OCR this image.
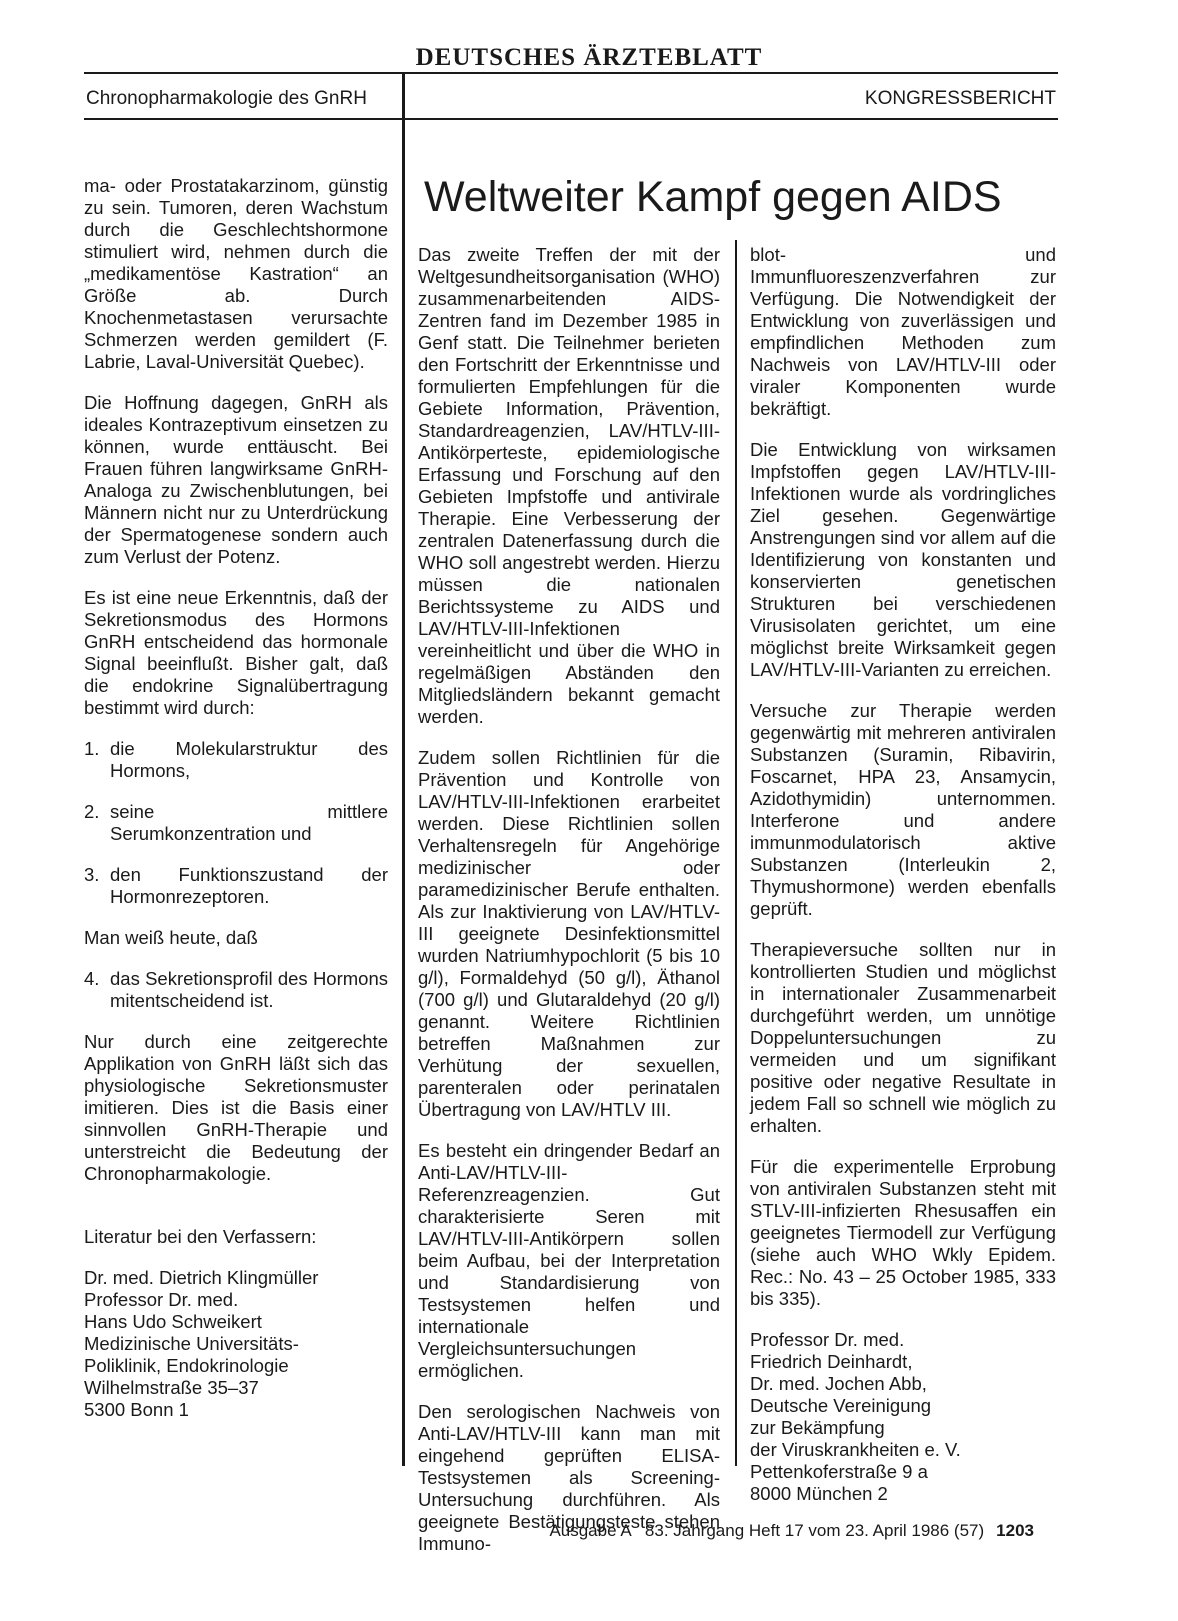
DEUTSCHES ÄRZTEBLATT
Chronopharmakologie des GnRH	KONGRESSBERICHT

ma- oder Prostatakarzinom, günstig zu sein. Tumoren, deren Wachstum durch die Geschlechtshormone stimuliert wird, nehmen durch die „medikamentöse Kastration“ an Größe ab. Durch Knochenmetastasen verursachte Schmerzen werden gemildert (F. Labrie, Laval-Universität Quebec).

Die Hoffnung dagegen, GnRH als ideales Kontrazeptivum einsetzen zu können, wurde enttäuscht. Bei Frauen führen langwirksame GnRH-Analoga zu Zwischenblutungen, bei Männern nicht nur zu Unterdrückung der Spermatogenese sondern auch zum Verlust der Potenz.

Es ist eine neue Erkenntnis, daß der Sekretionsmodus des Hormons GnRH entscheidend das hormonale Signal beeinflußt. Bisher galt, daß die endokrine Signalübertragung bestimmt wird durch:

1. die Molekularstruktur des Hormons,
2. seine mittlere Serumkonzentration und
3. den Funktionszustand der Hormonrezeptoren.

Man weiß heute, daß

4. das Sekretionsprofil des Hormons mitentscheidend ist.

Nur durch eine zeitgerechte Applikation von GnRH läßt sich das physiologische Sekretionsmuster imitieren. Dies ist die Basis einer sinnvollen GnRH-Therapie und unterstreicht die Bedeutung der Chronopharmakologie.

Literatur bei den Verfassern:

Dr. med. Dietrich Klingmüller
Professor Dr. med.
Hans Udo Schweikert
Medizinische Universitäts-
Poliklinik, Endokrinologie
Wilhelmstraße 35–37
5300 Bonn 1
Weltweiter Kampf gegen AIDS

Das zweite Treffen der mit der Weltgesundheitsorganisation (WHO) zusammenarbeitenden AIDS-Zentren fand im Dezember 1985 in Genf statt. Die Teilnehmer berieten den Fortschritt der Erkenntnisse und formulierten Empfehlungen für die Gebiete Information, Prävention, Standardreagenzien, LAV/HTLV-III-Antikörperteste, epidemiologische Erfassung und Forschung auf den Gebieten Impfstoffe und antivirale Therapie. Eine Verbesserung der zentralen Datenerfassung durch die WHO soll angestrebt werden. Hierzu müssen die nationalen Berichtssysteme zu AIDS und LAV/HTLV-III-Infektionen vereinheitlicht und über die WHO in regelmäßigen Abständen den Mitgliedsländern bekannt gemacht werden.

Zudem sollen Richtlinien für die Prävention und Kontrolle von LAV/HTLV-III-Infektionen erarbeitet werden. Diese Richtlinien sollen Verhaltensregeln für Angehörige medizinischer oder paramedizinischer Berufe enthalten. Als zur Inaktivierung von LAV/HTLV-III geeignete Desinfektionsmittel wurden Natriumhypochlorit (5 bis 10 g/l), Formaldehyd (50 g/l), Äthanol (700 g/l) und Glutaraldehyd (20 g/l) genannt. Weitere Richtlinien betreffen Maßnahmen zur Verhütung der sexuellen, parenteralen oder perinatalen Übertragung von LAV/HTLV III.

Es besteht ein dringender Bedarf an Anti-LAV/HTLV-III-Referenzreagenzien. Gut charakterisierte Seren mit LAV/HTLV-III-Antikörpern sollen beim Aufbau, bei der Interpretation und Standardisierung von Testsystemen helfen und internationale Vergleichsuntersuchungen ermöglichen.

Den serologischen Nachweis von Anti-LAV/HTLV-III kann man mit eingehend geprüften ELISA-Testsystemen als Screening-Untersuchung durchführen. Als geeignete Bestätigungsteste stehen Immuno-

blot- und Immunfluoreszenzverfahren zur Verfügung. Die Notwendigkeit der Entwicklung von zuverlässigen und empfindlichen Methoden zum Nachweis von LAV/HTLV-III oder viraler Komponenten wurde bekräftigt.

Die Entwicklung von wirksamen Impfstoffen gegen LAV/HTLV-III-Infektionen wurde als vordringliches Ziel gesehen. Gegenwärtige Anstrengungen sind vor allem auf die Identifizierung von konstanten und konservierten genetischen Strukturen bei verschiedenen Virusisolaten gerichtet, um eine möglichst breite Wirksamkeit gegen LAV/HTLV-III-Varianten zu erreichen.

Versuche zur Therapie werden gegenwärtig mit mehreren antiviralen Substanzen (Suramin, Ribavirin, Foscarnet, HPA 23, Ansamycin, Azidothymidin) unternommen. Interferone und andere immunmodulatorisch aktive Substanzen (Interleukin 2, Thymushormone) werden ebenfalls geprüft.

Therapieversuche sollten nur in kontrollierten Studien und möglichst in internationaler Zusammenarbeit durchgeführt werden, um unnötige Doppeluntersuchungen zu vermeiden und um signifikant positive oder negative Resultate in jedem Fall so schnell wie möglich zu erhalten.

Für die experimentelle Erprobung von antiviralen Substanzen steht mit STLV-III-infizierten Rhesusaffen ein geeignetes Tiermodell zur Verfügung (siehe auch WHO Wkly Epidem. Rec.: No. 43 – 25 October 1985, 333 bis 335).

Professor Dr. med.
Friedrich Deinhardt,
Dr. med. Jochen Abb,
Deutsche Vereinigung
zur Bekämpfung
der Viruskrankheiten e. V.
Pettenkoferstraße 9 a
8000 München 2
Ausgabe A   83. Jahrgang Heft 17 vom 23. April 1986 (57) 1203
